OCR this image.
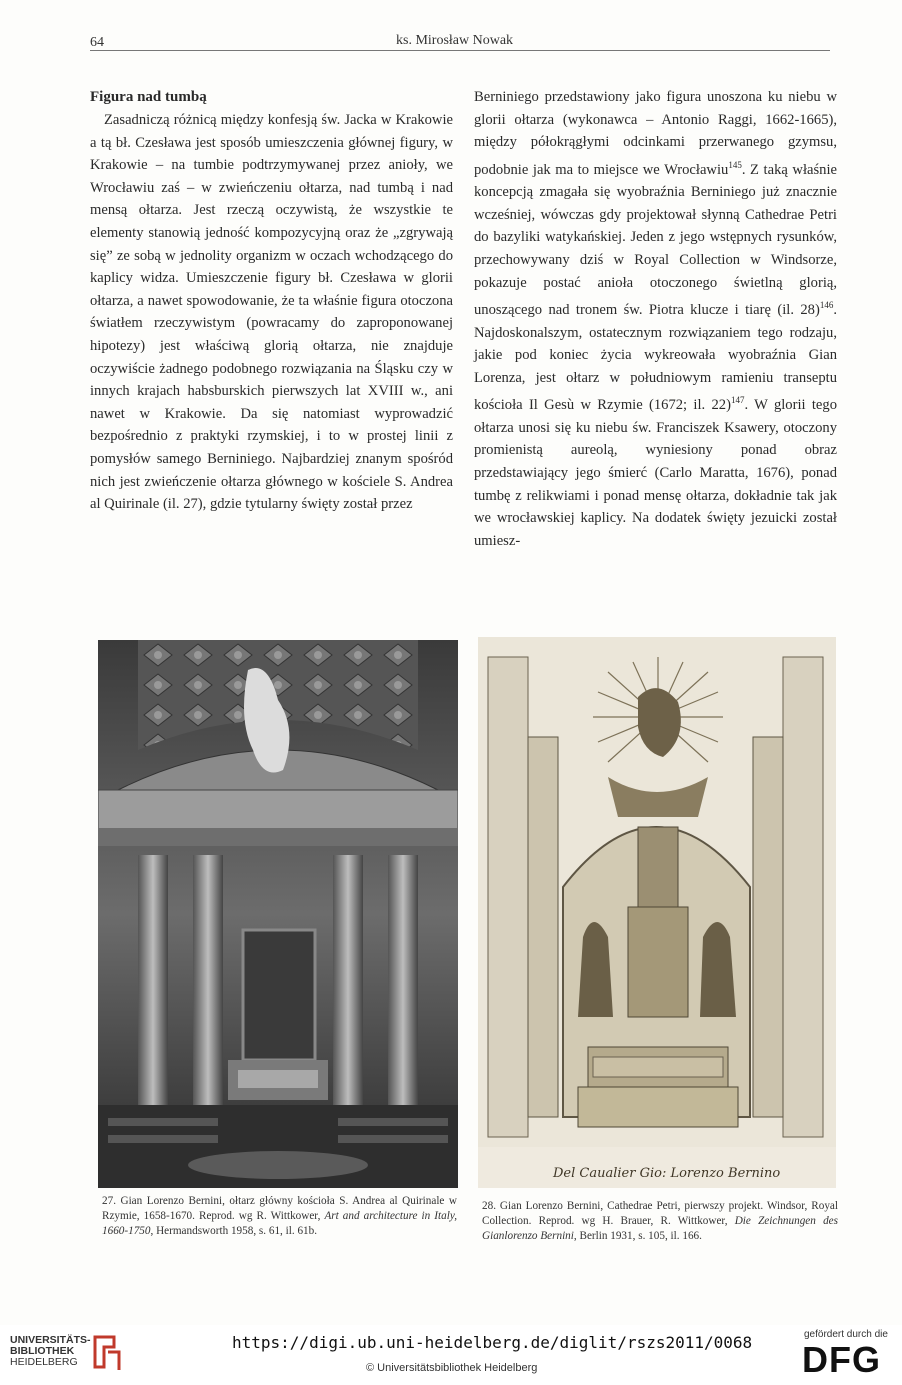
64	ks. Mirosław Nowak
Figura nad tumbą

Zasadniczą różnicą między konfesją św. Jacka w Krakowie a tą bł. Czesława jest sposób umieszczenia głównej figury, w Krakowie – na tumbie podtrzymywanej przez anioły, we Wrocławiu zaś – w zwieńczeniu ołtarza, nad tumbą i nad mensą ołtarza. Jest rzeczą oczywistą, że wszystkie te elementy stanowią jedność kompozycyjną oraz że „zgrywają się” ze sobą w jednolity organizm w oczach wchodzącego do kaplicy widza. Umieszczenie figury bł. Czesława w glorii ołtarza, a nawet spowodowanie, że ta właśnie figura otoczona światłem rzeczywistym (powracamy do zaproponowanej hipotezy) jest właściwą glorią ołtarza, nie znajduje oczywiście żadnego podobnego rozwiązania na Śląsku czy w innych krajach habsburskich pierwszych lat XVIII w., ani nawet w Krakowie. Da się natomiast wyprowadzić bezpośrednio z praktyki rzymskiej, i to w prostej linii z pomysłów samego Berniniego. Najbardziej znanym spośród nich jest zwieńczenie ołtarza głównego w kościele S. Andrea al Quirinale (il. 27), gdzie tytularny święty został przez

Berniniego przedstawiony jako figura unoszona ku niebu w glorii ołtarza (wykonawca – Antonio Raggi, 1662-1665), między półokrągłymi odcinkami przerwanego gzymsu, podobnie jak ma to miejsce we Wrocławiu$^{145}$. Z taką właśnie koncepcją zmagała się wyobraźnia Berniniego już znacznie wcześniej, wówczas gdy projektował słynną Cathedrae Petri do bazyliki watykańskiej. Jeden z jego wstępnych rysunków, przechowywany dziś w Royal Collection w Windsorze, pokazuje postać anioła otoczonego świetlną glorią, unoszącego nad tronem św. Piotra klucze i tiarę (il. 28)$^{146}$. Najdoskonalszym, ostatecznym rozwiązaniem tego rodzaju, jakie pod koniec życia wykreowała wyobraźnia Gian Lorenza, jest ołtarz w południowym ramieniu transeptu kościoła Il Gesù w Rzymie (1672; il. 22)$^{147}$. W glorii tego ołtarza unosi się ku niebu św. Franciszek Ksawery, otoczony promienistą aureolą, wyniesiony ponad obraz przedstawiający jego śmierć (Carlo Maratta, 1676), ponad tumbę z relikwiami i ponad mensę ołtarza, dokładnie tak jak we wrocławskiej kaplicy. Na dodatek święty jezuicki został umiesz-

27. Gian Lorenzo Bernini, ołtarz główny kościoła S. Andrea al Quirinale w Rzymie, 1658-1670. Reprod. wg R. Wittkower, Art and architecture in Italy, 1660-1750, Hermandsworth 1958, s. 61, il. 61b.
Del Caualier Gio: Lorenzo Bernino
28. Gian Lorenzo Bernini, Cathedrae Petri, pierwszy projekt. Windsor, Royal Collection. Reprod. wg H. Brauer, R. Wittkower, Die Zeichnungen des Gianlorenzo Bernini, Berlin 1931, s. 105, il. 166.
UNIVERSITÄTS-
BIBLIOTHEK
HEIDELBERG
https://digi.ub.uni-heidelberg.de/diglit/rszs2011/0068
© Universitätsbibliothek Heidelberg
gefördert durch die
DFG
